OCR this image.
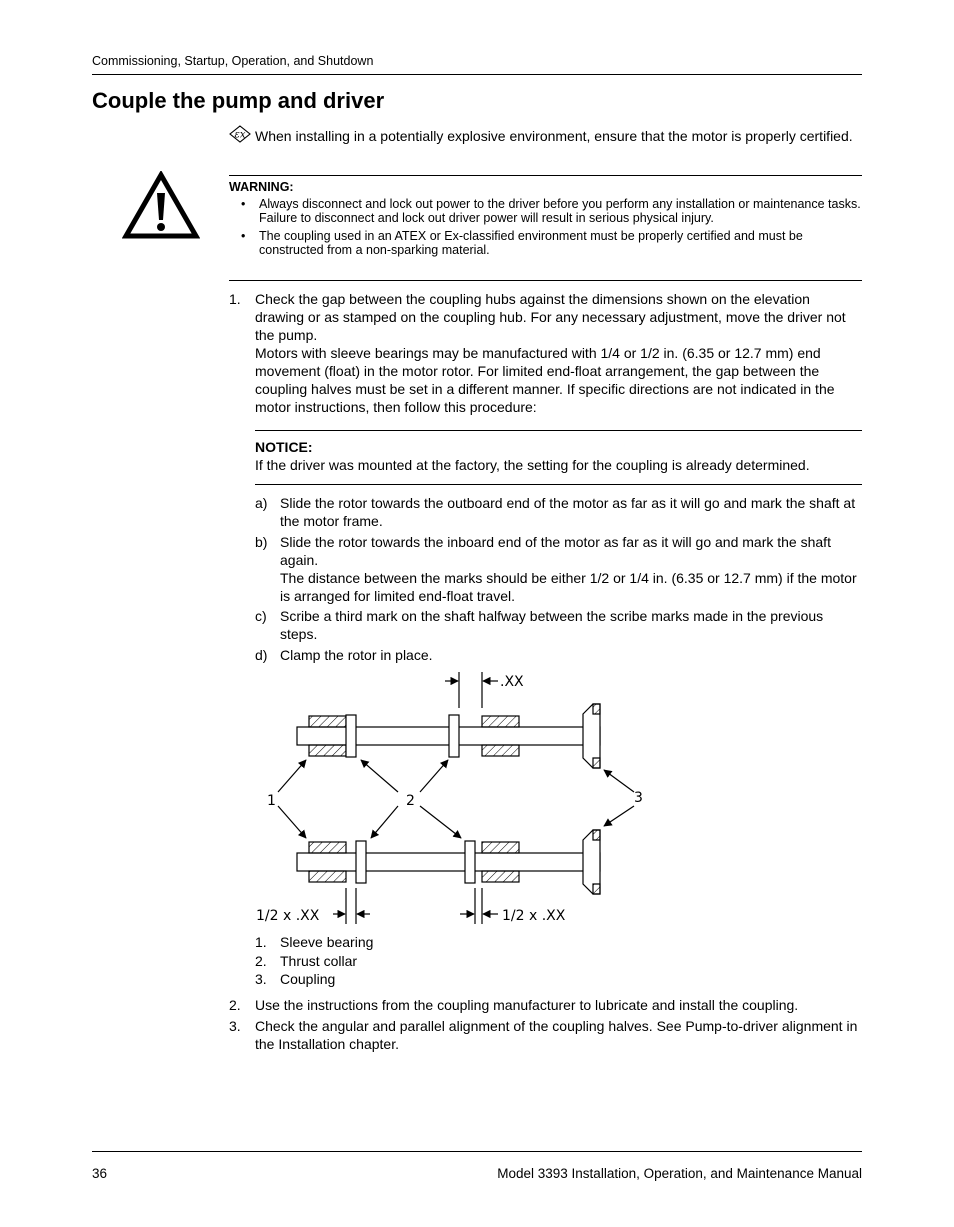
Commissioning, Startup, Operation, and Shutdown
Couple the pump and driver
εx When installing in a potentially explosive environment, ensure that the motor is properly certified.
WARNING:
• Always disconnect and lock out power to the driver before you perform any installation or maintenance tasks. Failure to disconnect and lock out driver power will result in serious physical injury.
• The coupling used in an ATEX or Ex-classified environment must be properly certified and must be constructed from a non-sparking material.
1. Check the gap between the coupling hubs against the dimensions shown on the elevation drawing or as stamped on the coupling hub. For any necessary adjustment, move the driver not the pump.
Motors with sleeve bearings may be manufactured with 1/4 or 1/2 in. (6.35 or 12.7 mm) end movement (float) in the motor rotor. For limited end-float arrangement, the gap between the coupling halves must be set in a different manner. If specific directions are not indicated in the motor instructions, then follow this procedure:
NOTICE:
If the driver was mounted at the factory, the setting for the coupling is already determined.
a) Slide the rotor towards the outboard end of the motor as far as it will go and mark the shaft at the motor frame.
b) Slide the rotor towards the inboard end of the motor as far as it will go and mark the shaft again.
The distance between the marks should be either 1/2 or 1/4 in. (6.35 or 12.7 mm) if the motor is arranged for limited end-float travel.
c) Scribe a third mark on the shaft halfway between the scribe marks made in the previous steps.
d) Clamp the rotor in place.
.XX
1/2 x .XX	1/2 x .XX
1	2	3
1. Sleeve bearing
2. Thrust collar
3. Coupling
2. Use the instructions from the coupling manufacturer to lubricate and install the coupling.
3. Check the angular and parallel alignment of the coupling halves. See Pump-to-driver alignment in the Installation chapter.
36	Model 3393 Installation, Operation, and Maintenance Manual
